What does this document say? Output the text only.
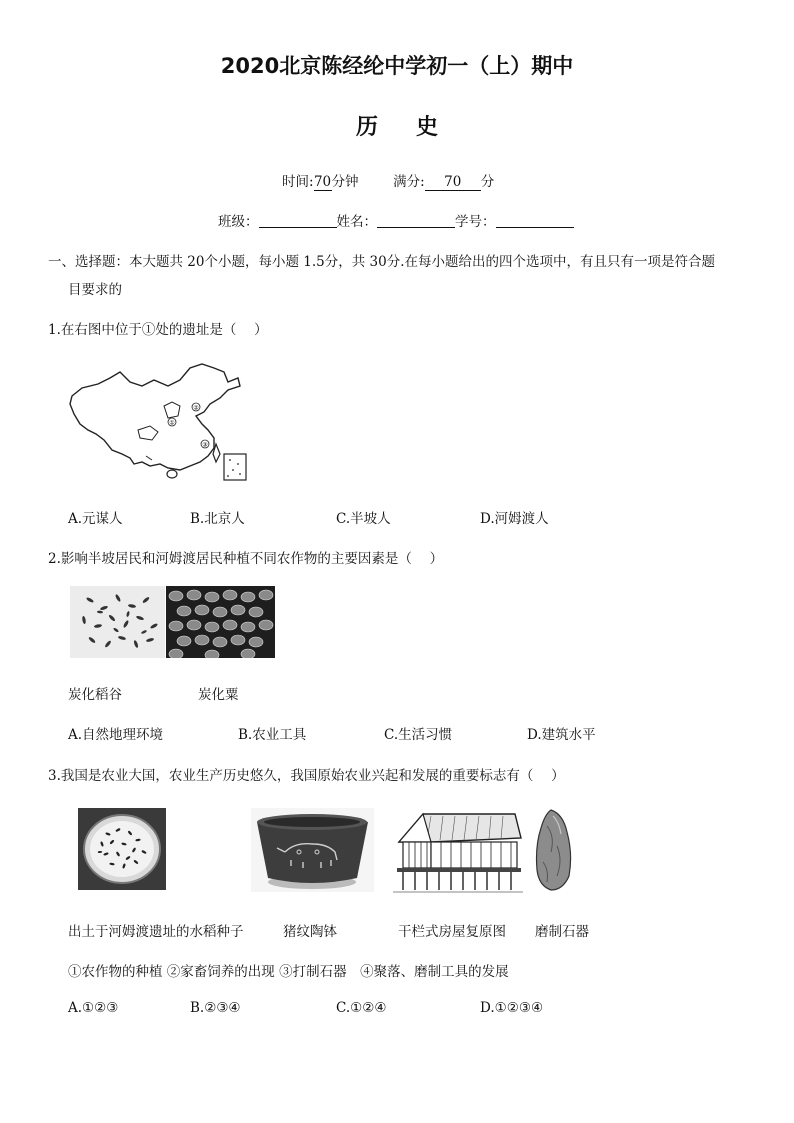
2020北京陈经纶中学初一（上）期中
历史
时间:70分钟	满分: 70 分
班级：	姓名：	学号：
一、选择题：本大题共 20个小题，每小题 1.5分，共 30分.在每小题给出的四个选项中，有且只有一项是符合题
目要求的
1.在右图中位于①处的遗址是（　 ）
②
①
③
A.元谋人	B.北京人	C.半坡人	D.河姆渡人
2.影响半坡居民和河姆渡居民种植不同农作物的主要因素是（　 ）
炭化稻谷	炭化粟
A.自然地理环境	B.农业工具	C.生活习惯	D.建筑水平
3.我国是农业大国，农业生产历史悠久，我国原始农业兴起和发展的重要标志有（　 ）
出土于河姆渡遗址的水稻种子	猪纹陶钵	干栏式房屋复原图 磨制石器
①农作物的种植 ②家畜饲养的出现 ③打制石器　④聚落、磨制工具的发展
A.①②③	B.②③④	C.①②④	D.①②③④
